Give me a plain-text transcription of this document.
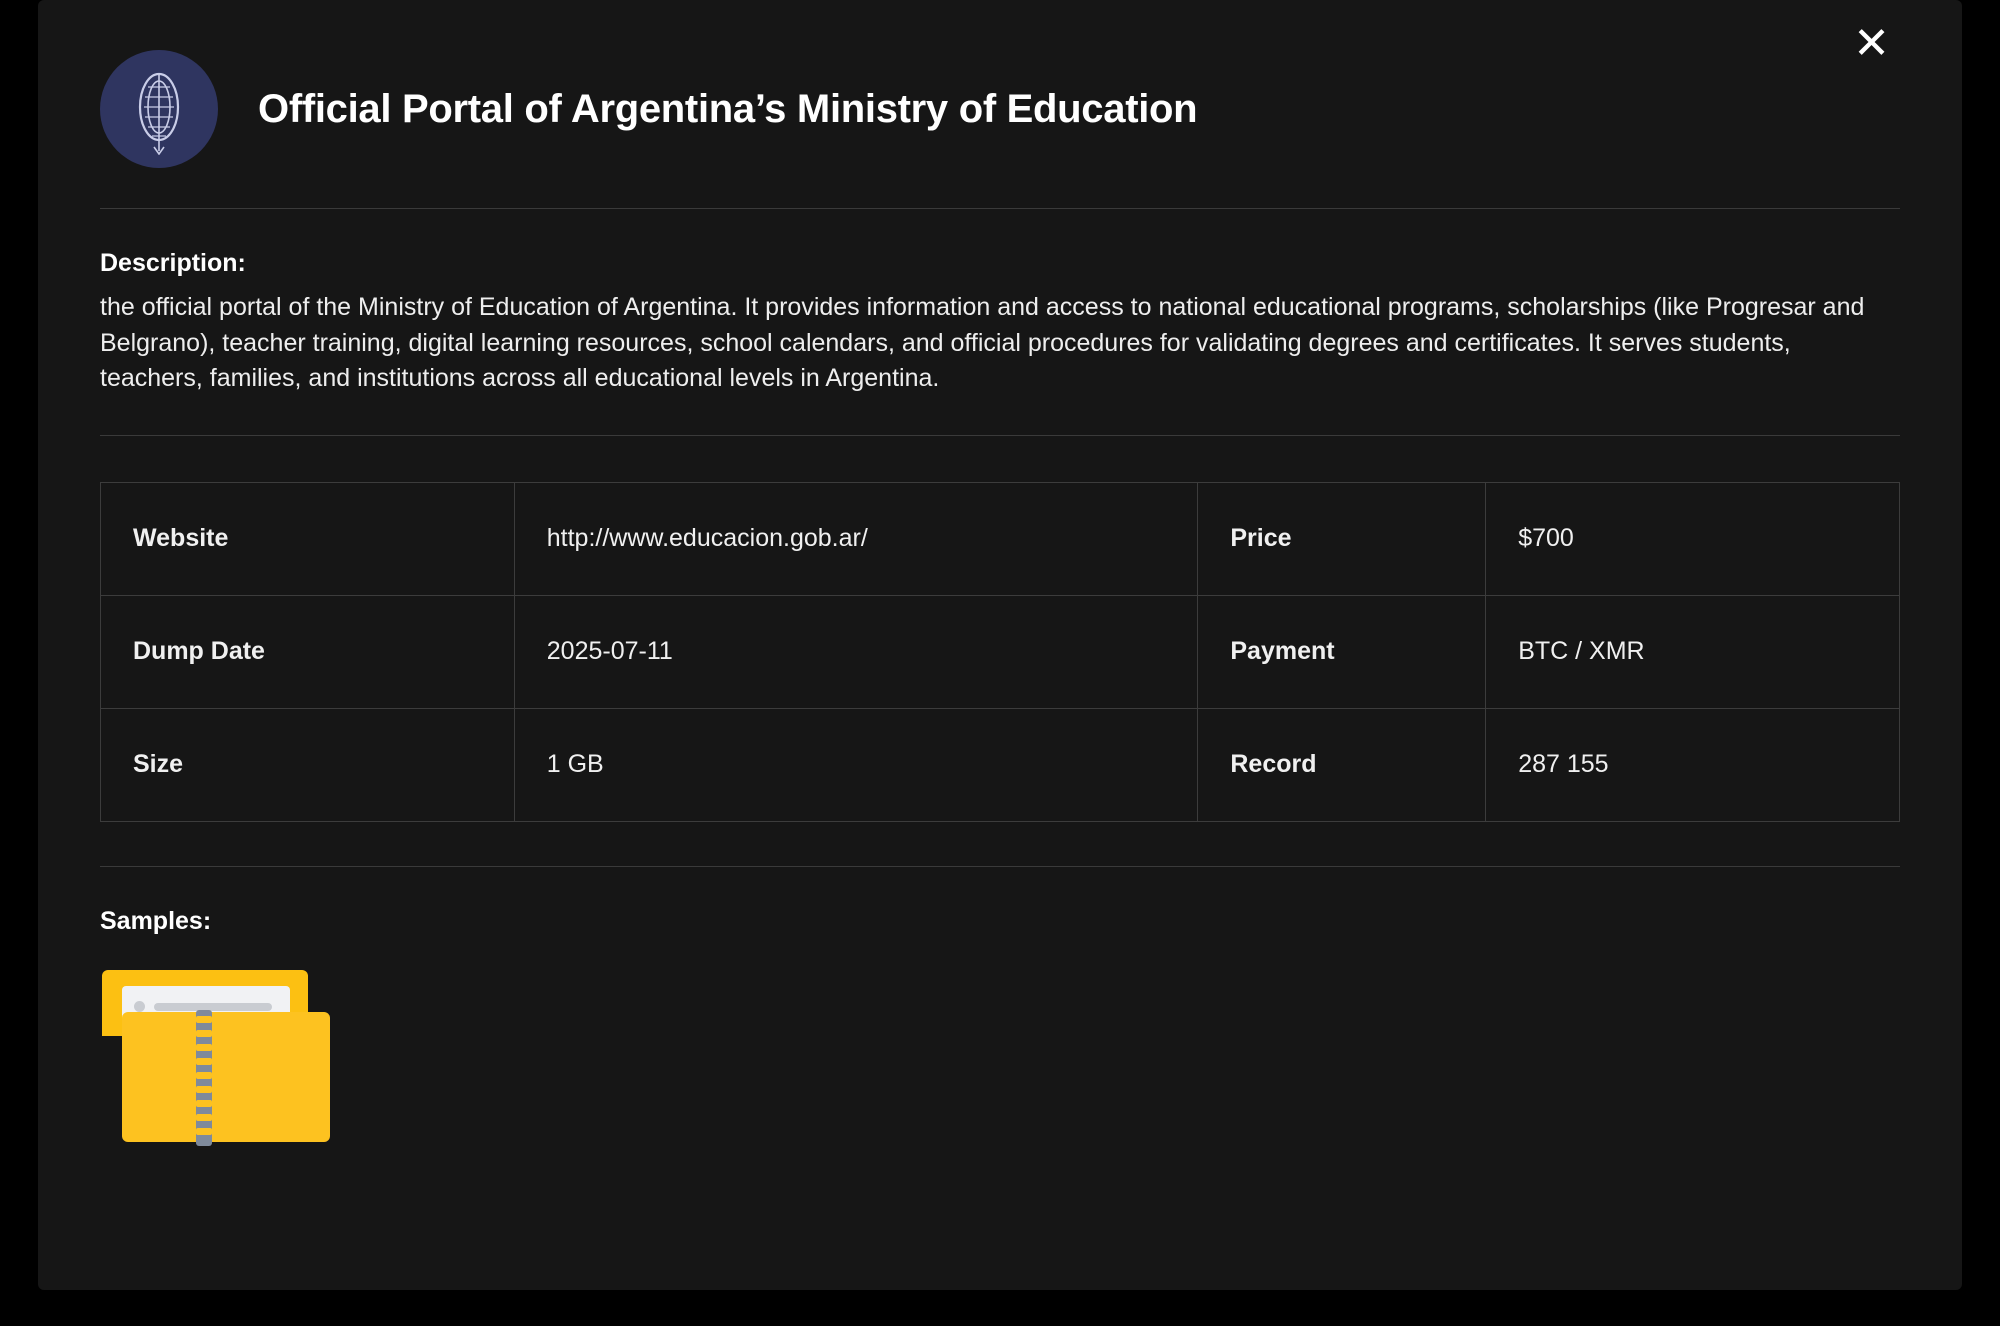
Official Portal of Argentina’s Ministry of Education
✕
Description:
the official portal of the Ministry of Education of Argentina. It provides information and access to national educational programs, scholarships (like Progresar and Belgrano), teacher training, digital learning resources, school calendars, and official procedures for validating degrees and certificates. It serves students, teachers, families, and institutions across all educational levels in Argentina.
Website	http://www.educacion.gob.ar/	Price	$700
Dump Date	2025-07-11	Payment	BTC / XMR
Size	1 GB	Record	287 155
Samples:
